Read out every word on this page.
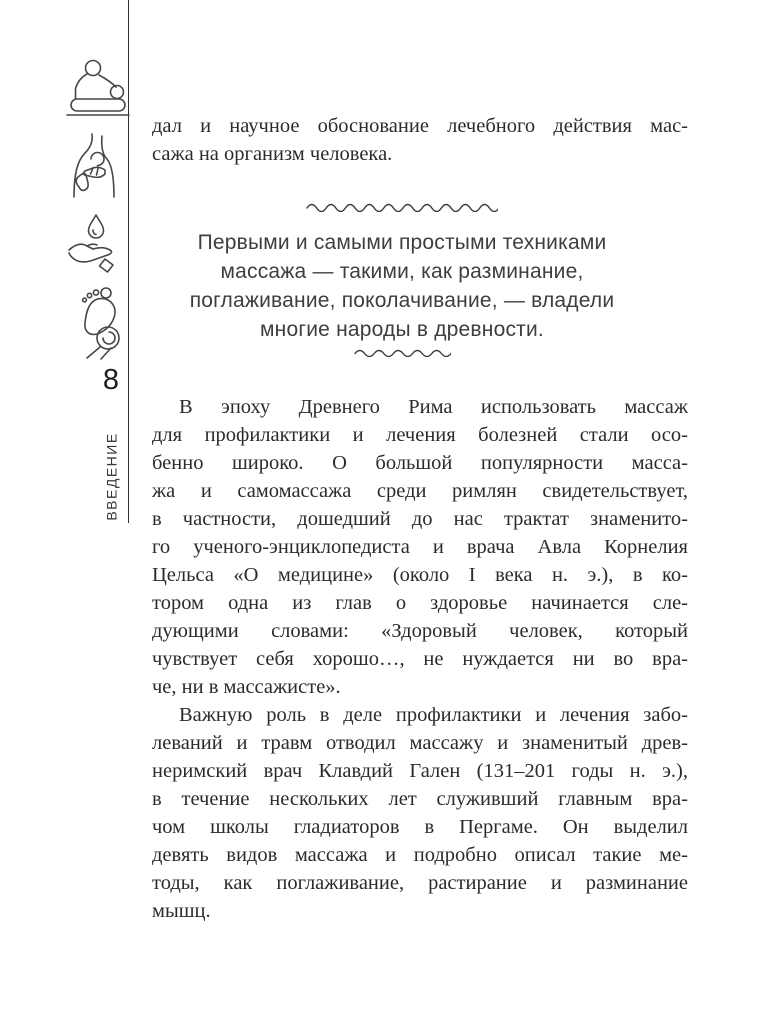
8
ВВЕДЕНИЕ
дал и научное обоснование лечебного действия мас-
сажа на организм человека.
Первыми и самыми простыми техниками
массажа — такими, как разминание,
поглаживание, поколачивание, — владели
многие народы в древности.
В эпоху Древнего Рима использовать массаж
для профилактики и лечения болезней стали осо-
бенно широко. О большой популярности масса-
жа и самомассажа среди римлян свидетельствует,
в частности, дошедший до нас трактат знаменито-
го ученого-энциклопедиста и врача Авла Корнелия
Цельса «О медицине» (около I века н. э.), в ко-
тором одна из глав о здоровье начинается сле-
дующими словами: «Здоровый человек, который
чувствует себя хорошо…, не нуждается ни во вра-
че, ни в массажисте».
Важную роль в деле профилактики и лечения забо-
леваний и травм отводил массажу и знаменитый древ-
неримский врач Клавдий Гален (131–201 годы н. э.),
в течение нескольких лет служивший главным вра-
чом школы гладиаторов в Пергаме. Он выделил
девять видов массажа и подробно описал такие ме-
тоды, как поглаживание, растирание и разминание
мышц.
